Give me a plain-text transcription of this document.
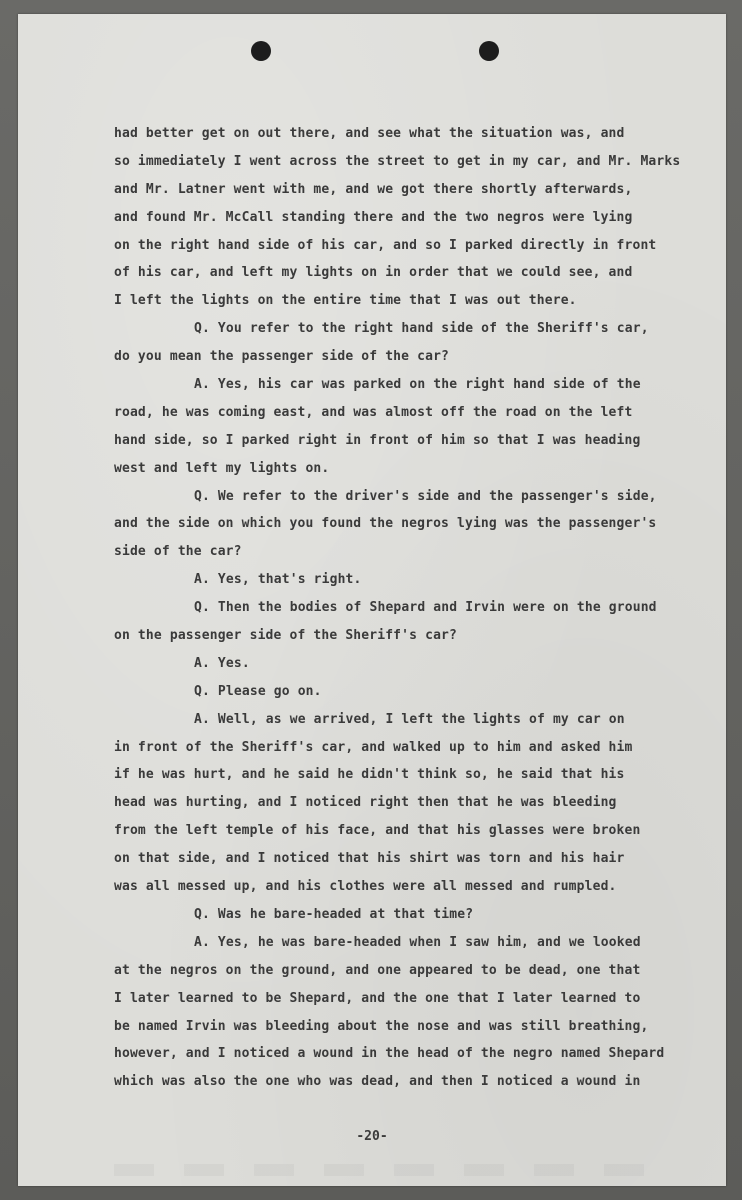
had better get on out there, and see what the situation was, and
so immediately I went across the street to get in my car, and Mr. Marks
and Mr. Latner went with me, and we got there shortly afterwards,
and found Mr. McCall standing there and the two negros were lying
on the right hand side of his car, and so I parked directly in front
of his car, and left my lights on in order that we could see, and
I left the lights on the entire time that I was out there.
Q. You refer to the right hand side of the Sheriff's car,
do you mean the passenger side of the car?
A. Yes, his car was parked on the right hand side of the
road, he was coming east, and was almost off the road on the left
hand side, so I parked right in front of him so that I was heading
west and left my lights on.
Q. We refer to the driver's side and the passenger's side,
and the side on which you found the negros lying was the passenger's
side of the car?
A. Yes, that's right.
Q. Then the bodies of Shepard and Irvin were on the ground
on the passenger side of the Sheriff's car?
A. Yes.
Q. Please go on.
A. Well, as we arrived, I left the lights of my car on
in front of the Sheriff's car, and walked up to him and asked him
if he was hurt, and he said he didn't think so, he said that his
head was hurting, and I noticed right then that he was bleeding
from the left temple of his face, and that his glasses were broken
on that side, and I noticed that his shirt was torn and his hair
was all messed up, and his clothes were all messed and rumpled.
Q. Was he bare-headed at that time?
A. Yes, he was bare-headed when I saw him, and we looked
at the negros on the ground, and one appeared to be dead, one that
I later learned to be Shepard, and the one that I later learned to
be named Irvin was bleeding about the nose and was still breathing,
however, and I noticed a wound in the head of the negro named Shepard
which was also the one who was dead, and then I noticed a wound in
-20-
